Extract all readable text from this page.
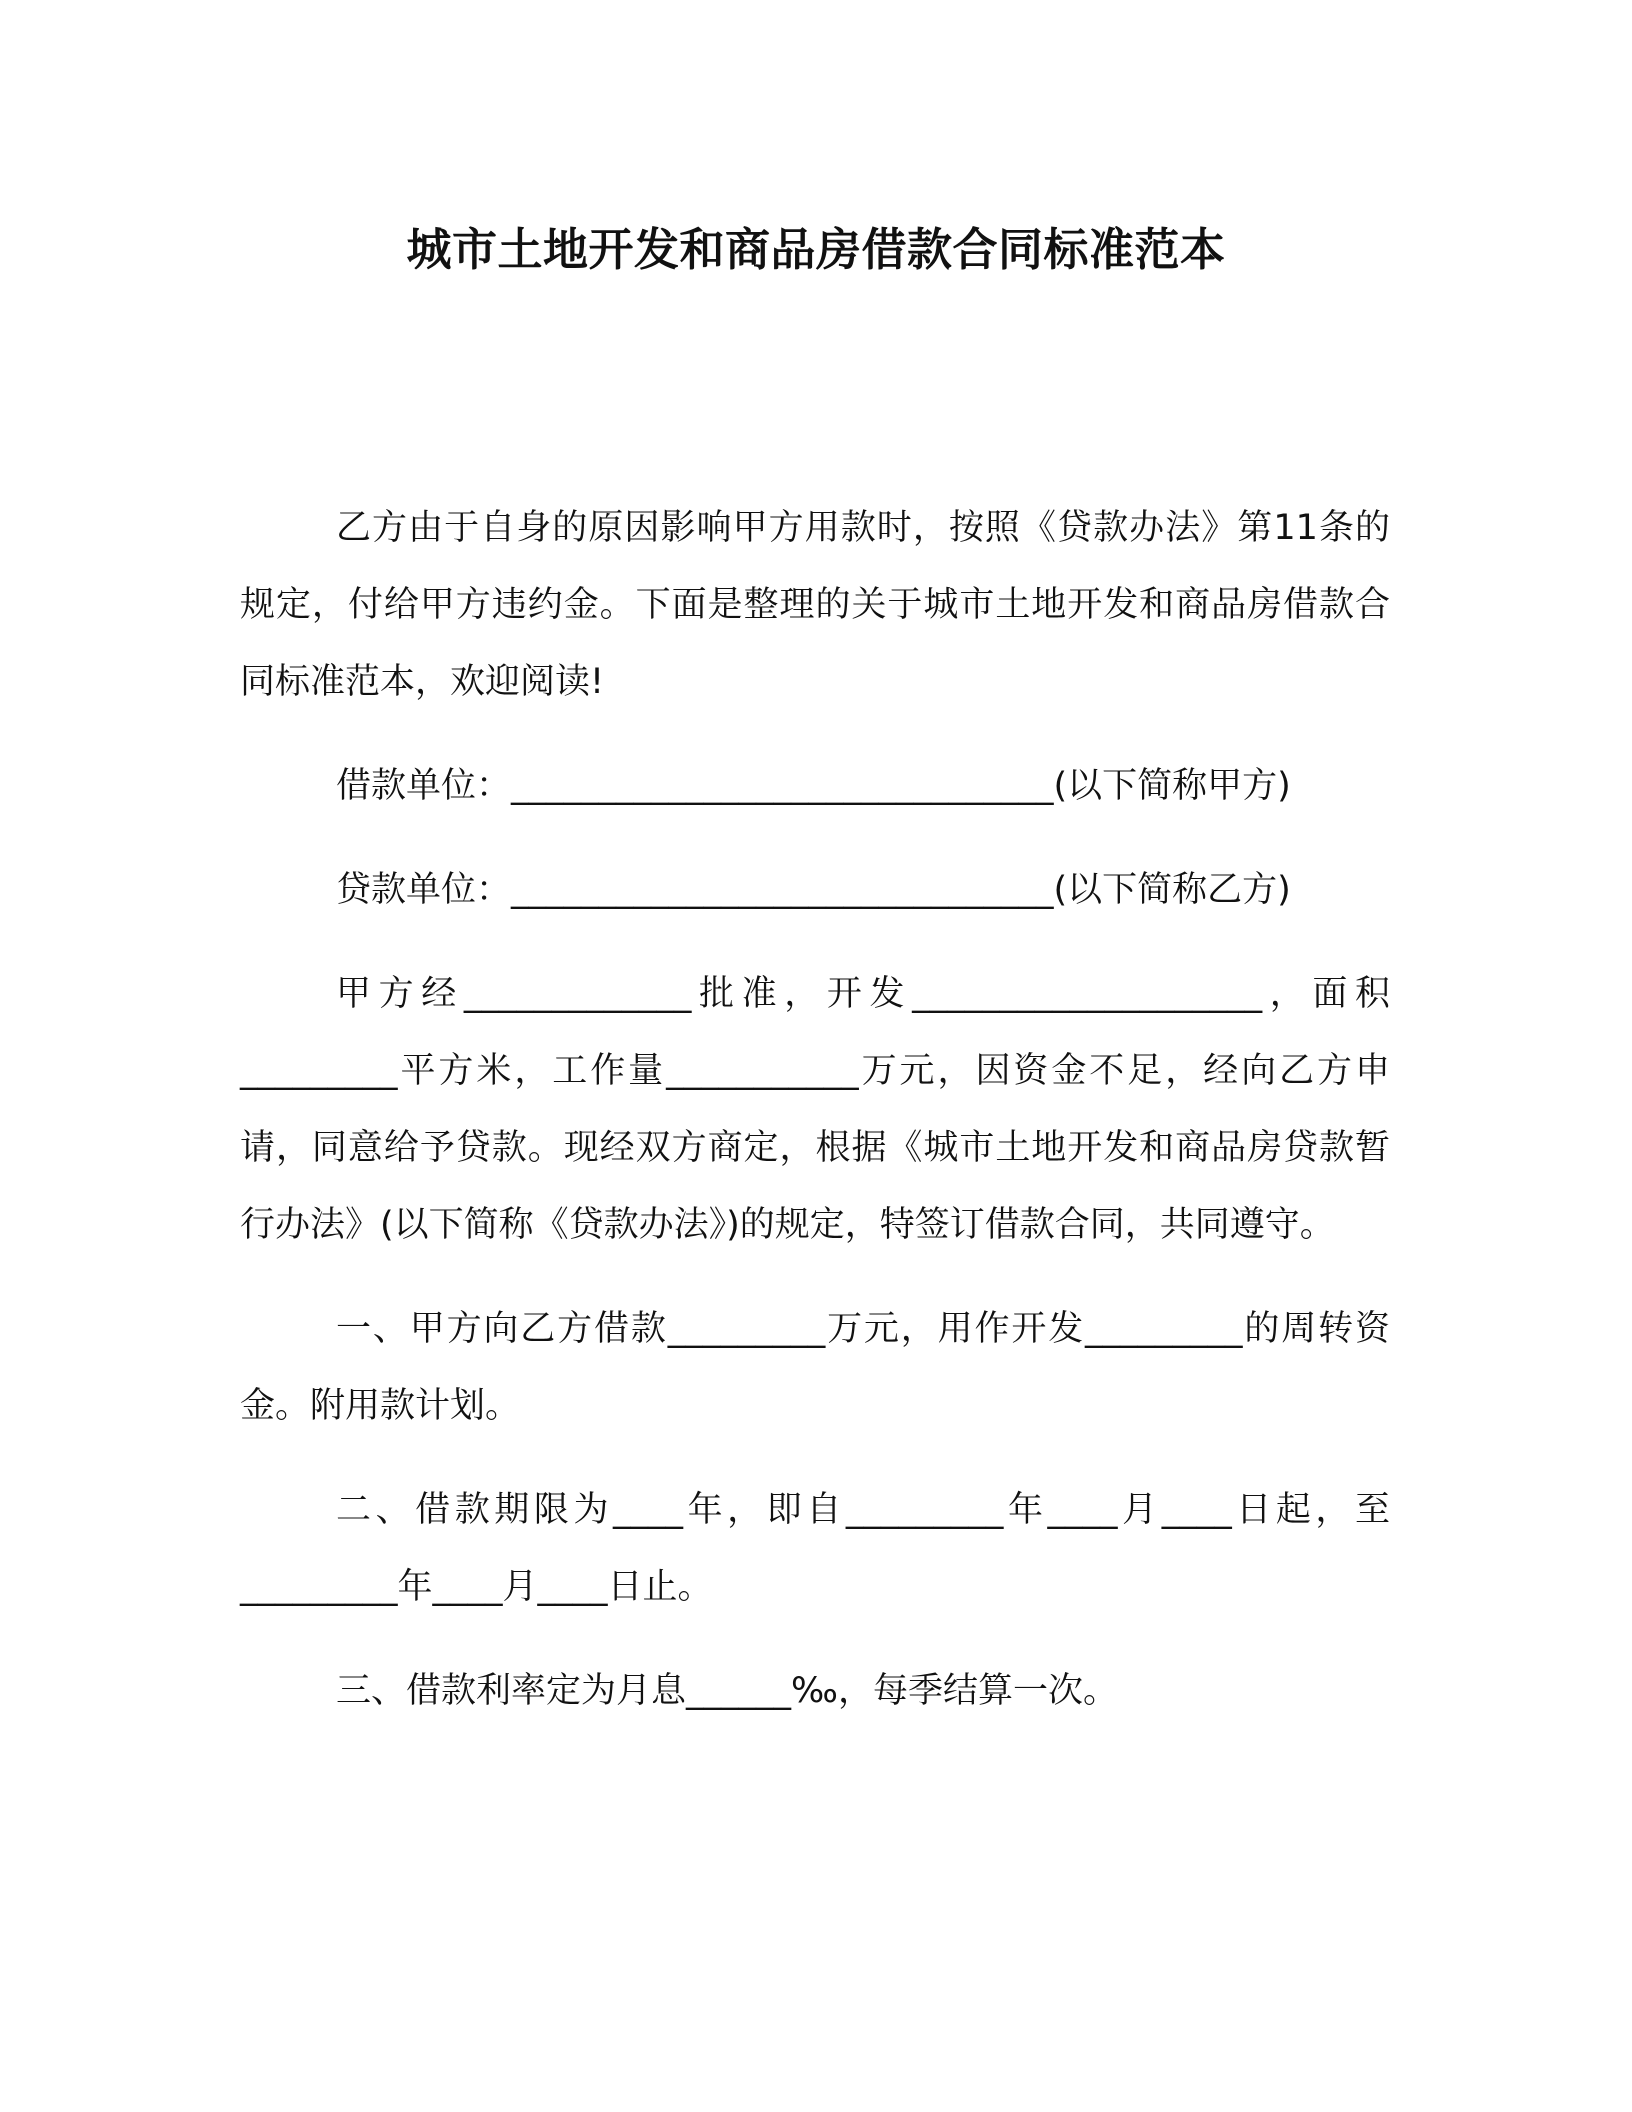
城市土地开发和商品房借款合同标准范本

乙方由于自身的原因影响甲方用款时，按照《贷款办法》第11条的规定，付给甲方违约金。下面是整理的关于城市土地开发和商品房借款合同标准范本，欢迎阅读!

借款单位：_______________________________(以下简称甲方)

贷款单位：_______________________________(以下简称乙方)

甲方经_____________批准，开发____________________，面积_________平方米，工作量___________万元，因资金不足，经向乙方申请，同意给予贷款。现经双方商定，根据《城市土地开发和商品房贷款暂行办法》(以下简称《贷款办法》)的规定，特签订借款合同，共同遵守。

一、甲方向乙方借款_________万元，用作开发_________的周转资金。附用款计划。

二、借款期限为____年，即自_________年____月____日起，至_________年____月____日止。

三、借款利率定为月息______‰，每季结算一次。
